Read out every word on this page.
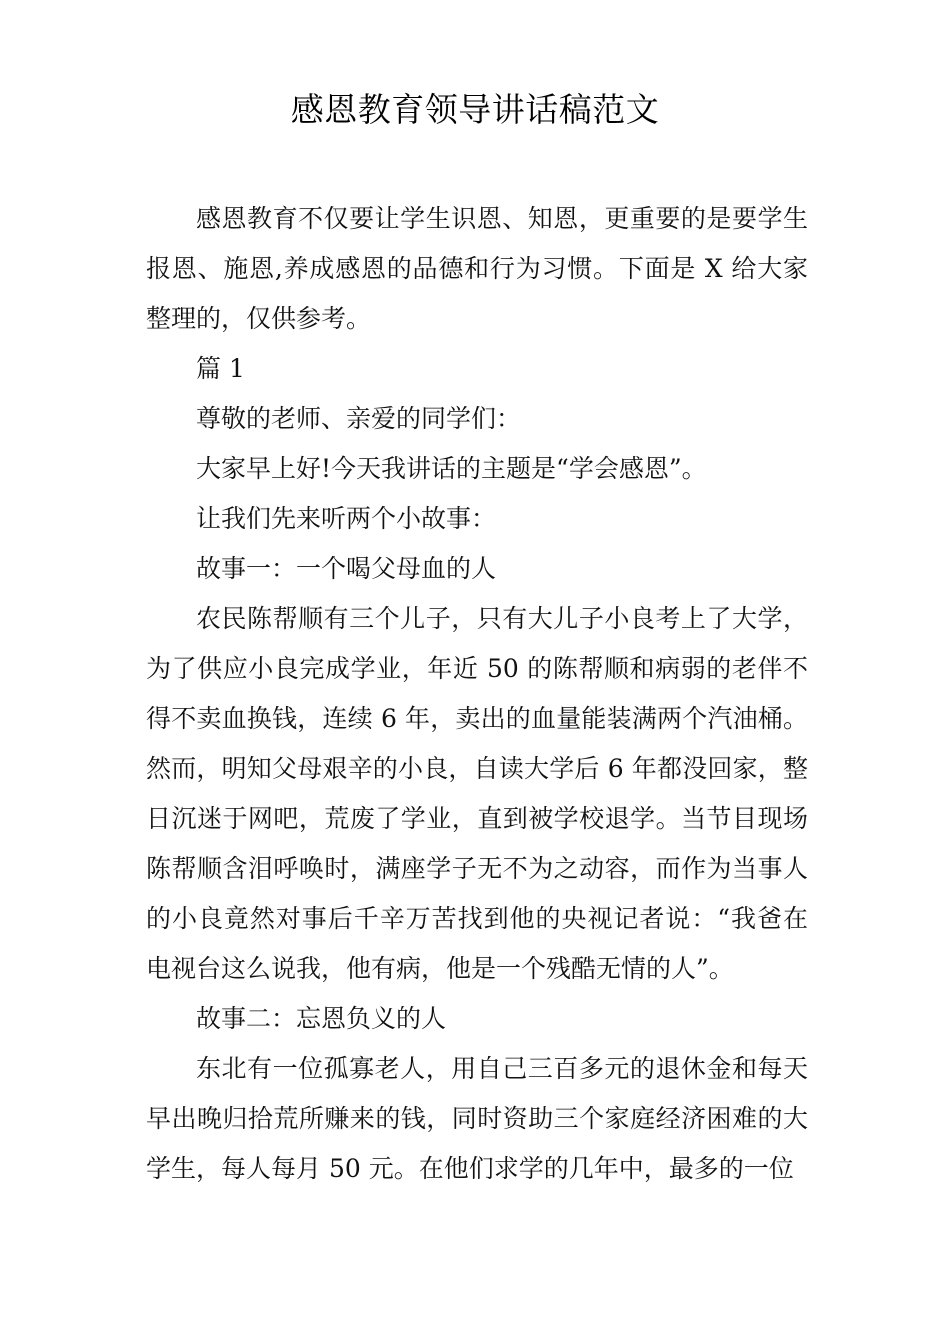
感恩教育领导讲话稿范文

感恩教育不仅要让学生识恩、知恩，更重要的是要学生报恩、施恩,养成感恩的品德和行为习惯。下面是 X 给大家整理的，仅供参考。

篇 1

尊敬的老师、亲爱的同学们：

大家早上好!今天我讲话的主题是“学会感恩”。

让我们先来听两个小故事：

故事一：一个喝父母血的人

农民陈帮顺有三个儿子，只有大儿子小良考上了大学，为了供应小良完成学业，年近 50 的陈帮顺和病弱的老伴不得不卖血换钱，连续 6 年，卖出的血量能装满两个汽油桶。然而，明知父母艰辛的小良，自读大学后 6 年都没回家，整日沉迷于网吧，荒废了学业，直到被学校退学。当节目现场陈帮顺含泪呼唤时，满座学子无不为之动容，而作为当事人的小良竟然对事后千辛万苦找到他的央视记者说：“我爸在电视台这么说我，他有病，他是一个残酷无情的人”。

故事二：忘恩负义的人

东北有一位孤寡老人，用自己三百多元的退休金和每天早出晚归拾荒所赚来的钱，同时资助三个家庭经济困难的大学生，每人每月 50 元。在他们求学的几年中，最多的一位
